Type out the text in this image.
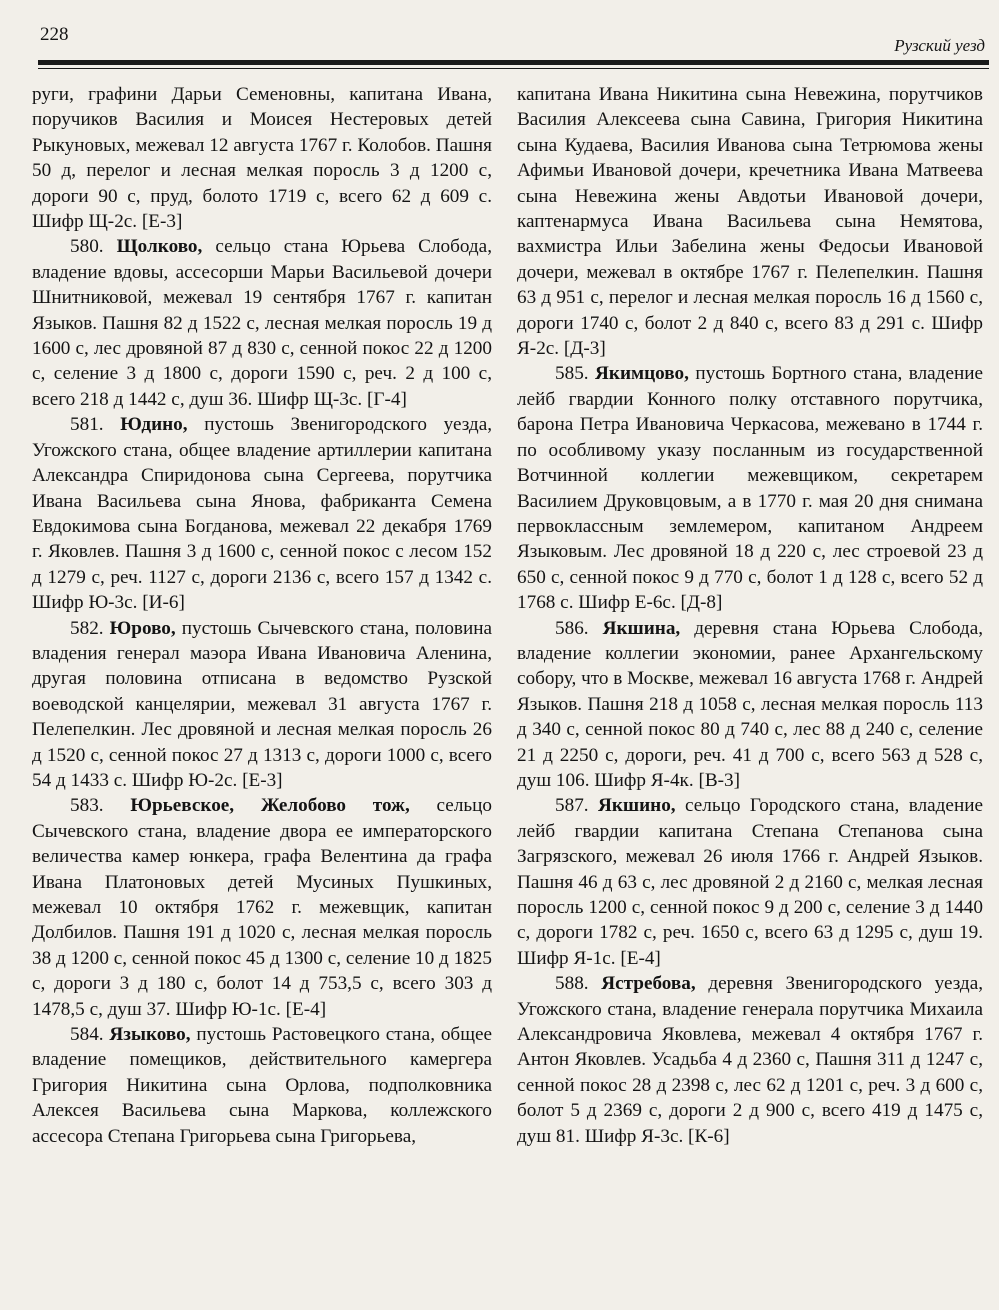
228
Рузский уезд

руги, графини Дарьи Семеновны, капитана Ивана, поручиков Василия и Моисея Нестеровых детей Рыкуновых, межевал 12 августа 1767 г. Колобов. Пашня 50 д, перелог и лесная мелкая поросль 3 д 1200 с, дороги 90 с, пруд, болото 1719 с, всего 62 д 609 с. Шифр Щ-2с. [Е-3]

580. Щолково, сельцо стана Юрьева Слобода, владение вдовы, ассесорши Марьи Васильевой дочери Шнитниковой, межевал 19 сентября 1767 г. капитан Языков. Пашня 82 д 1522 с, лесная мелкая поросль 19 д 1600 с, лес дровяной 87 д 830 с, сенной покос 22 д 1200 с, селение 3 д 1800 с, дороги 1590 с, реч. 2 д 100 с, всего 218 д 1442 с, душ 36. Шифр Щ-3с. [Г-4]

581. Юдино, пустошь Звенигородского уезда, Угожского стана, общее владение артиллерии капитана Александра Спиридонова сына Сергеева, порутчика Ивана Васильева сына Янова, фабриканта Семена Евдокимова сына Богданова, межевал 22 декабря 1769 г. Яковлев. Пашня 3 д 1600 с, сенной покос с лесом 152 д 1279 с, реч. 1127 с, дороги 2136 с, всего 157 д 1342 с. Шифр Ю-3с. [И-6]

582. Юрово, пустошь Сычевского стана, половина владения генерал маэора Ивана Ивановича Аленина, другая половина отписана в ведомство Рузской воеводской канцелярии, межевал 31 августа 1767 г. Пелепелкин. Лес дровяной и лесная мелкая поросль 26 д 1520 с, сенной покос 27 д 1313 с, дороги 1000 с, всего 54 д 1433 с. Шифр Ю-2с. [Е-3]

583. Юрьевское, Желобово тож, сельцо Сычевского стана, владение двора ее императорского величества камер юнкера, графа Велентина да графа Ивана Платоновых детей Мусиных Пушкиных, межевал 10 октября 1762 г. межевщик, капитан Долбилов. Пашня 191 д 1020 с, лесная мелкая поросль 38 д 1200 с, сенной покос 45 д 1300 с, селение 10 д 1825 с, дороги 3 д 180 с, болот 14 д 753,5 с, всего 303 д 1478,5 с, душ 37. Шифр Ю-1с. [Е-4]

584. Языково, пустошь Растовецкого стана, общее владение помещиков, действительного камергера Григория Никитина сына Орлова, подполковника Алексея Васильева сына Маркова, коллежского ассесора Степана Григорьева сына Григорьева,

капитана Ивана Никитина сына Невежина, порутчиков Василия Алексеева сына Савина, Григория Никитина сына Кудаева, Василия Иванова сына Тетрюмова жены Афимьи Ивановой дочери, кречетника Ивана Матвеева сына Невежина жены Авдотьи Ивановой дочери, каптенармуса Ивана Васильева сына Немятова, вахмистра Ильи Забелина жены Федосьи Ивановой дочери, межевал в октябре 1767 г. Пелепелкин. Пашня 63 д 951 с, перелог и лесная мелкая поросль 16 д 1560 с, дороги 1740 с, болот 2 д 840 с, всего 83 д 291 с. Шифр Я-2с. [Д-3]

585. Якимцово, пустошь Бортного стана, владение лейб гвардии Конного полку отставного порутчика, барона Петра Ивановича Черкасова, межевано в 1744 г. по особливому указу посланным из государственной Вотчинной коллегии межевщиком, секретарем Василием Друковцовым, а в 1770 г. мая 20 дня снимана первоклассным землемером, капитаном Андреем Языковым. Лес дровяной 18 д 220 с, лес строевой 23 д 650 с, сенной покос 9 д 770 с, болот 1 д 128 с, всего 52 д 1768 с. Шифр Е-6с. [Д-8]

586. Якшина, деревня стана Юрьева Слобода, владение коллегии экономии, ранее Архангельскому собору, что в Москве, межевал 16 августа 1768 г. Андрей Языков. Пашня 218 д 1058 с, лесная мелкая поросль 113 д 340 с, сенной покос 80 д 740 с, лес 88 д 240 с, селение 21 д 2250 с, дороги, реч. 41 д 700 с, всего 563 д 528 с, душ 106. Шифр Я-4к. [В-3]

587. Якшино, сельцо Городского стана, владение лейб гвардии капитана Степана Степанова сына Загрязского, межевал 26 июля 1766 г. Андрей Языков. Пашня 46 д 63 с, лес дровяной 2 д 2160 с, мелкая лесная поросль 1200 с, сенной покос 9 д 200 с, селение 3 д 1440 с, дороги 1782 с, реч. 1650 с, всего 63 д 1295 с, душ 19. Шифр Я-1с. [Е-4]

588. Ястребова, деревня Звенигородского уезда, Угожского стана, владение генерала порутчика Михаила Александровича Яковлева, межевал 4 октября 1767 г. Антон Яковлев. Усадьба 4 д 2360 с, Пашня 311 д 1247 с, сенной покос 28 д 2398 с, лес 62 д 1201 с, реч. 3 д 600 с, болот 5 д 2369 с, дороги 2 д 900 с, всего 419 д 1475 с, душ 81. Шифр Я-3с. [К-6]
